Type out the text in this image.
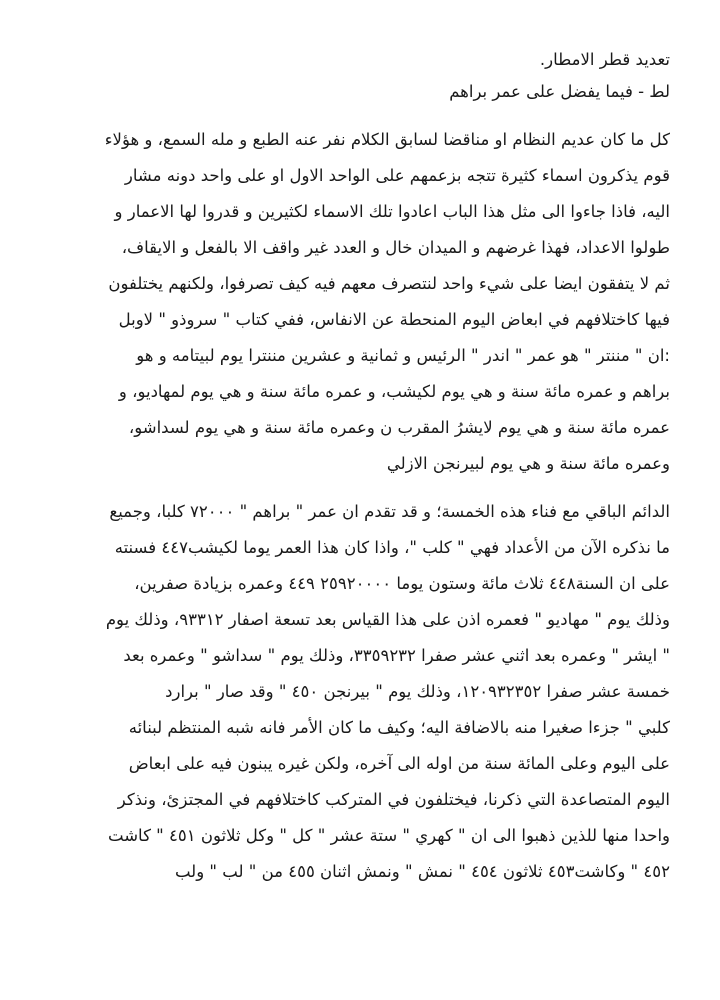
تعديد قطر الامطار.

لط - فيما يفضل على عمر براهم

كل ما كان عديم النظام او مناقضا لسابق الكلام نفر عنه الطبع و مله السمع، و هؤلاء
قوم يذكرون اسماء كثيرة تتجه بزعمهم على الواحد الاول او على واحد دونه مشار
اليه، فاذا جاءوا الى مثل هذا الباب اعادوا تلك الاسماء لكثيرين و قدروا لها الاعمار و
طولوا الاعداد، فهذا غرضهم و الميدان خال و العدد غير واقف الا بالفعل و الايقاف،
ثم لا يتفقون ايضا على شيء واحد لنتصرف معهم فيه كيف تصرفوا، ولكنهم يختلفون
فيها كاختلافهم في ابعاض اليوم المنحطة عن الانفاس، ففي كتاب " سروذو " لاوبل
:ان " مننتر " هو عمر " اندر " الرئيس و ثمانية و عشرين مننترا يوم لبيتامه و هو
براهم و عمره مائة سنة و هي يوم لكيشب، و عمره مائة سنة و هي يوم لمهاديو، و
عمره مائة سنة و هي يوم لايشرُ المقرب ن وعمره مائة سنة و هي يوم لسداشو،
وعمره مائة سنة و هي يوم لبيرنجن الازلي

الدائم الباقي مع فناء هذه الخمسة؛ و قد تقدم ان عمر " براهم " ٧٢٠٠٠ كلبا، وجميع
ما نذكره الآن من الأعداد فهي " كلب "، واذا كان هذا العمر يوما لكيشب٤٤٧ فسنته
على ان السنة٤٤٨ ثلاث مائة وستون يوما ٢٥٩٢٠٠٠٠ ٤٤٩ وعمره بزيادة صفرين،
وذلك يوم " مهاديو " فعمره اذن على هذا القياس بعد تسعة اصفار ٩٣٣١٢، وذلك يوم
" ايشر " وعمره بعد اثني عشر صفرا ٣٣٥٩٢٣٢، وذلك يوم " سداشو " وعمره بعد
خمسة عشر صفرا ١٢٠٩٣٢٣٥٢، وذلك يوم " بيرنجن ٤٥٠ " وقد صار " برارد
كلبي " جزءا صغيرا منه بالاضافة اليه؛ وكيف ما كان الأمر فانه شبه المنتظم لبنائه
على اليوم وعلى المائة سنة من اوله الى آخره، ولكن غيره يبنون فيه على ابعاض
اليوم المتصاعدة التي ذكرنا، فيختلفون في المتركب كاختلافهم في المجتزئ، ونذكر
واحدا منها للذين ذهبوا الى ان " كهري " ستة عشر " كل " وكل ثلاثون ٤٥١ " كاشت
٤٥٢ " وكاشت٤٥٣ ثلاثون ٤٥٤ " نمش " ونمش اثنان ٤٥٥ من " لب " ولب
